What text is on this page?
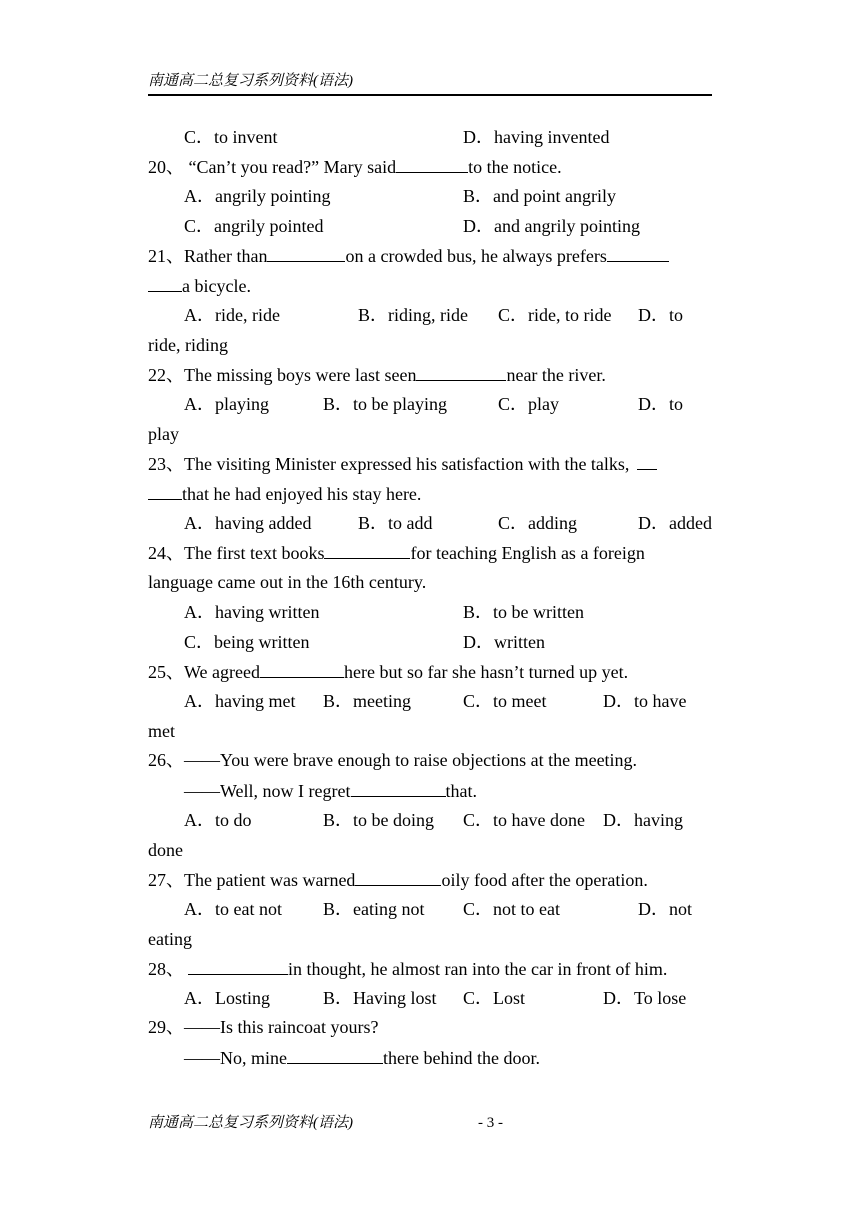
南通高二总复习系列资料(语法)
C．to invent	D．having invented
20、 “Can’t you read?” Mary said	to the notice.
A．angrily pointing	B．and point angrily
C．angrily pointed	D．and angrily pointing
21、Rather than	on a crowded bus, he always prefers
a bicycle.
A．ride, ride	B．riding, ride C．ride, to ride D．to
ride, riding
22、The missing boys were last seen	near the river.
A．playing	B．to be playing	C．play	D．to
play
23、The visiting Minister expressed his satisfaction with the talks,
that he had enjoyed his stay here.
A．having added	B．to add	C．adding	D．added
24、The first text books	for teaching English as a foreign
language came out in the 16th century.
A．having written	B．to be written
C．being written	D．written
25、We agreed	here but so far she hasn’t turned up yet.
A．having met B．meeting	C．to meet	D．to have
met
26、——You were brave enough to raise objections at the meeting.
——Well, now I regret	that.
A．to do	B．to be doing C．to have done D．having
done
27、The patient was warned	oily food after the operation.
A．to eat not B．eating not C．not to eat	D．not
eating
28、	in thought, he almost ran into the car in front of him.
A．Losting	B．Having lost C．Lost	D．To lose
29、——Is this raincoat yours?
——No, mine	there behind the door.
南通高二总复习系列资料(语法)	- 3 -
